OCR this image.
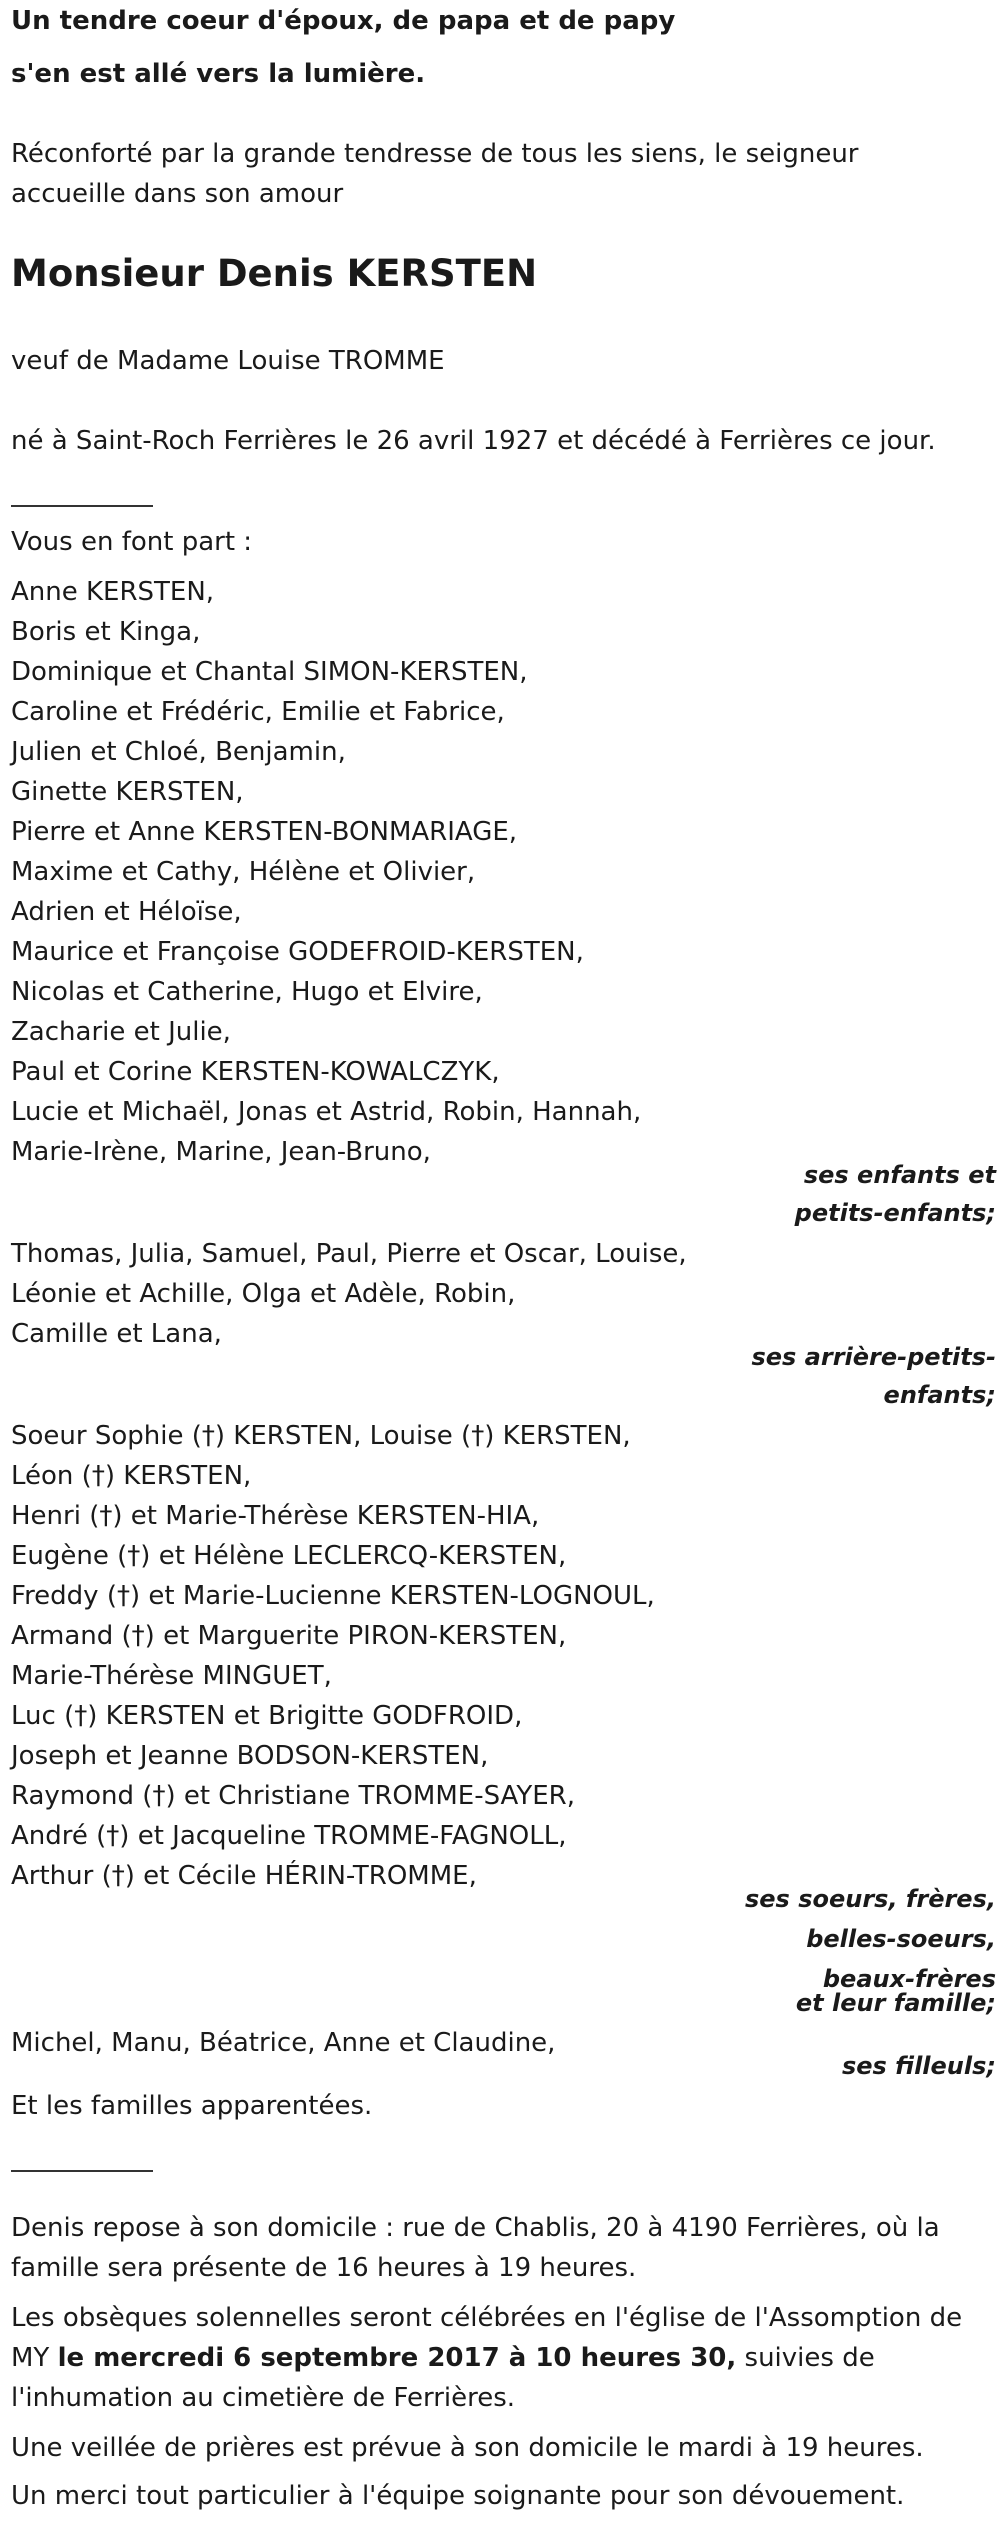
Un tendre coeur d'époux, de papa et de papy
s'en est allé vers la lumière.
Réconforté par la grande tendresse de tous les siens, le seigneur
accueille dans son amour
Monsieur Denis KERSTEN
veuf de Madame Louise TROMME
né à Saint-Roch Ferrières le 26 avril 1927 et décédé à Ferrières ce jour.
Vous en font part :
Anne KERSTEN,
Boris et Kinga,
Dominique et Chantal SIMON-KERSTEN,
Caroline et Frédéric, Emilie et Fabrice,
Julien et Chloé, Benjamin,
Ginette KERSTEN,
Pierre et Anne KERSTEN-BONMARIAGE,
Maxime et Cathy, Hélène et Olivier,
Adrien et Héloïse,
Maurice et Françoise GODEFROID-KERSTEN,
Nicolas et Catherine, Hugo et Elvire,
Zacharie et Julie,
Paul et Corine KERSTEN-KOWALCZYK,
Lucie et Michaël, Jonas et Astrid, Robin, Hannah,
Marie-Irène, Marine, Jean-Bruno,
ses enfants et
petits-enfants;
Thomas, Julia, Samuel, Paul, Pierre et Oscar, Louise,
Léonie et Achille, Olga et Adèle, Robin,
Camille et Lana,
ses arrière-petits-
enfants;
Soeur Sophie (†) KERSTEN, Louise (†) KERSTEN,
Léon (†) KERSTEN,
Henri (†) et Marie-Thérèse KERSTEN-HIA,
Eugène (†) et Hélène LECLERCQ-KERSTEN,
Freddy (†) et Marie-Lucienne KERSTEN-LOGNOUL,
Armand (†) et Marguerite PIRON-KERSTEN,
Marie-Thérèse MINGUET,
Luc (†) KERSTEN et Brigitte GODFROID,
Joseph et Jeanne BODSON-KERSTEN,
Raymond (†) et Christiane TROMME-SAYER,
André (†) et Jacqueline TROMME-FAGNOLL,
Arthur (†) et Cécile HÉRIN-TROMME,
ses soeurs, frères,
belles-soeurs,
beaux-frères
et leur famille;
Michel, Manu, Béatrice, Anne et Claudine,
ses filleuls;
Et les familles apparentées.
Denis repose à son domicile : rue de Chablis, 20 à 4190 Ferrières, où la
famille sera présente de 16 heures à 19 heures.
Les obsèques solennelles seront célébrées en l'église de l'Assomption de
MY le mercredi 6 septembre 2017 à 10 heures 30, suivies de
l'inhumation au cimetière de Ferrières.
Une veillée de prières est prévue à son domicile le mardi à 19 heures.
Un merci tout particulier à l'équipe soignante pour son dévouement.
